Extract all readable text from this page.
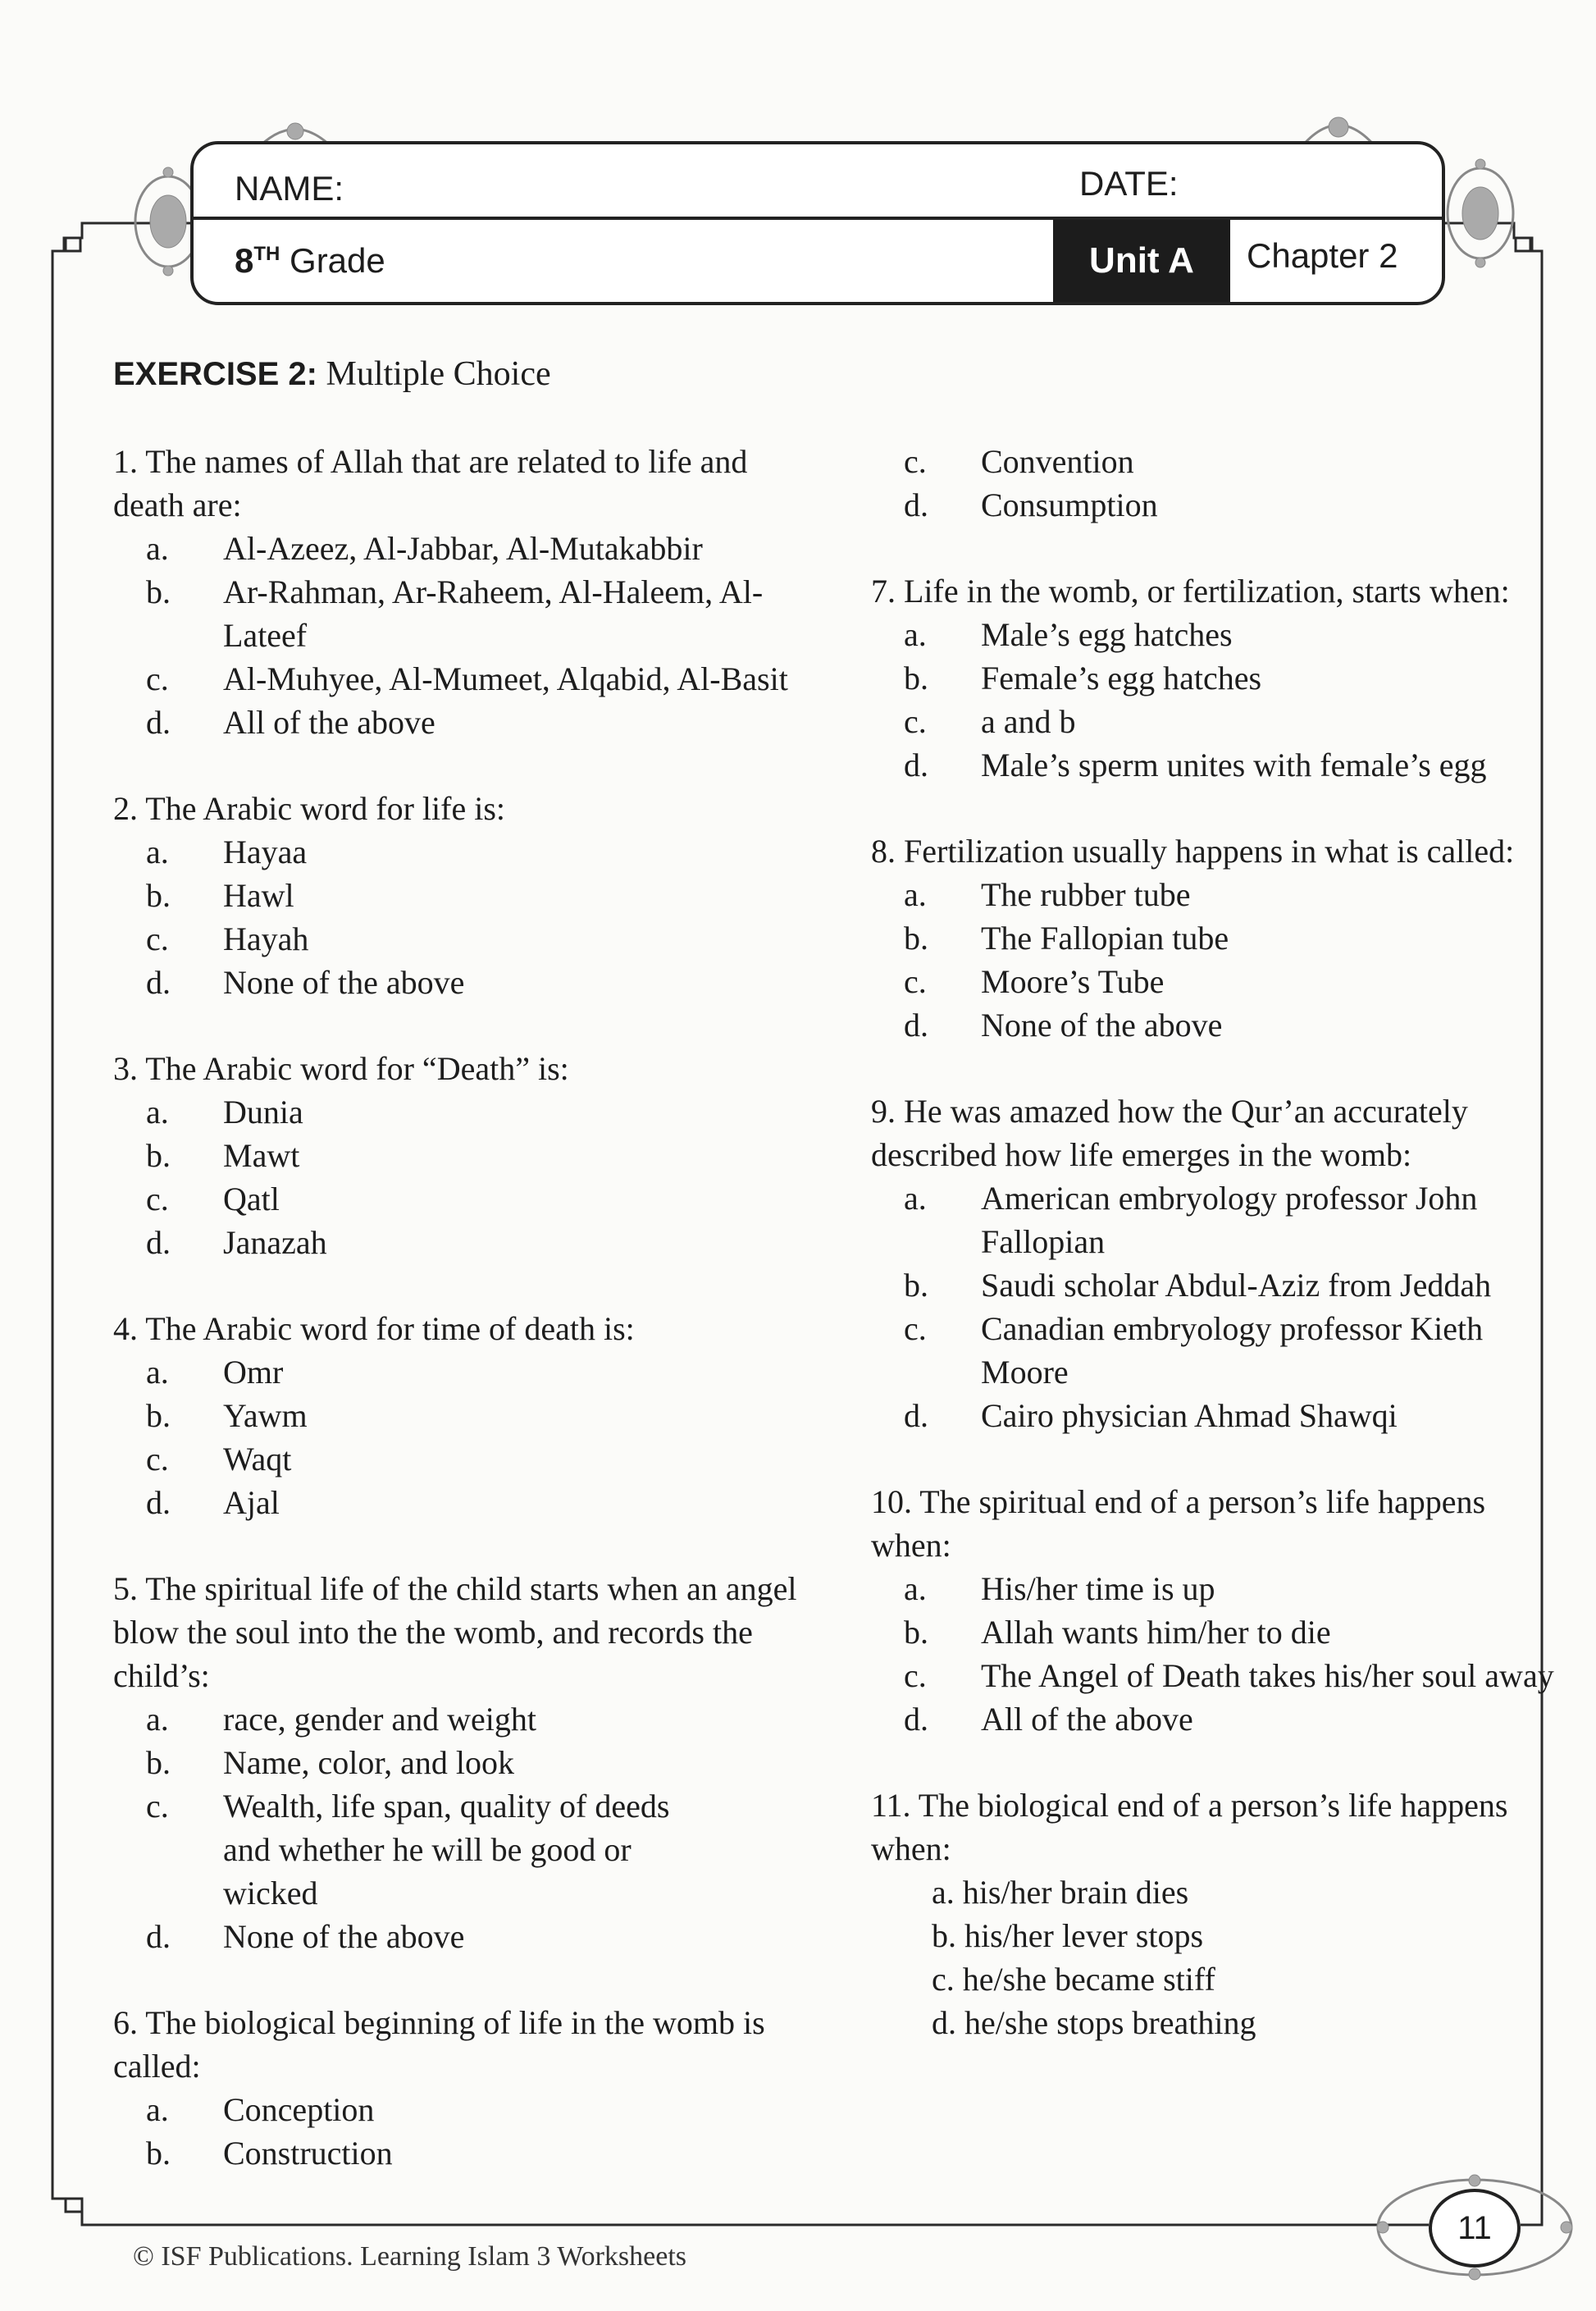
NAME:	DATE:
8TH Grade	Unit A	Chapter 2
EXERCISE 2: Multiple Choice
1. The names of Allah that are related to life and death are:
a.	Al-Azeez, Al-Jabbar, Al-Mutakabbir
b.	Ar-Rahman, Ar-Raheem, Al-Haleem, Al- Lateef
c.	Al-Muhyee, Al-Mumeet, Alqabid, Al-Basit
d.	All of the above
2. The Arabic word for life is:
a.	Hayaa
b.	Hawl
c.	Hayah
d.	None of the above
3. The Arabic word for “Death” is:
a.	Dunia
b.	Mawt
c.	Qatl
d.	Janazah
4. The Arabic word for time of death is:
a.	Omr
b.	Yawm
c.	Waqt
d.	Ajal
5. The spiritual life of the child starts when an angel blow the soul into the the womb, and records the child’s:
a.	race, gender and weight
b.	Name, color, and look
c.	Wealth, life span, quality of deeds and whether he will be good or wicked
d.	None of the above
6. The biological beginning of life in the womb is called:
a.	Conception
b.	Construction
c.	Convention
d.	Consumption
7. Life in the womb, or fertilization, starts when:
a.	Male’s egg hatches
b.	Female’s egg hatches
c.	a and b
d.	Male’s sperm unites with female’s egg
8. Fertilization usually happens in what is called:
a.	The rubber tube
b.	The Fallopian tube
c.	Moore’s Tube
d.	None of the above
9. He was amazed how the Qur’an accurately described how life emerges in the womb:
a.	American embryology professor John Fallopian
b.	Saudi scholar Abdul-Aziz from Jeddah
c.	Canadian embryology professor Kieth Moore
d.	Cairo physician Ahmad Shawqi
10. The spiritual end of a person’s life happens when:
a.	His/her time is up
b.	Allah wants him/her to die
c.	The Angel of Death takes his/her soul away
d.	All of the above
11. The biological end of a person’s life happens when:
a. his/her brain dies
b. his/her lever stops
c. he/she became stiff
d. he/she stops breathing
11
© ISF Publications. Learning Islam 3 Worksheets
